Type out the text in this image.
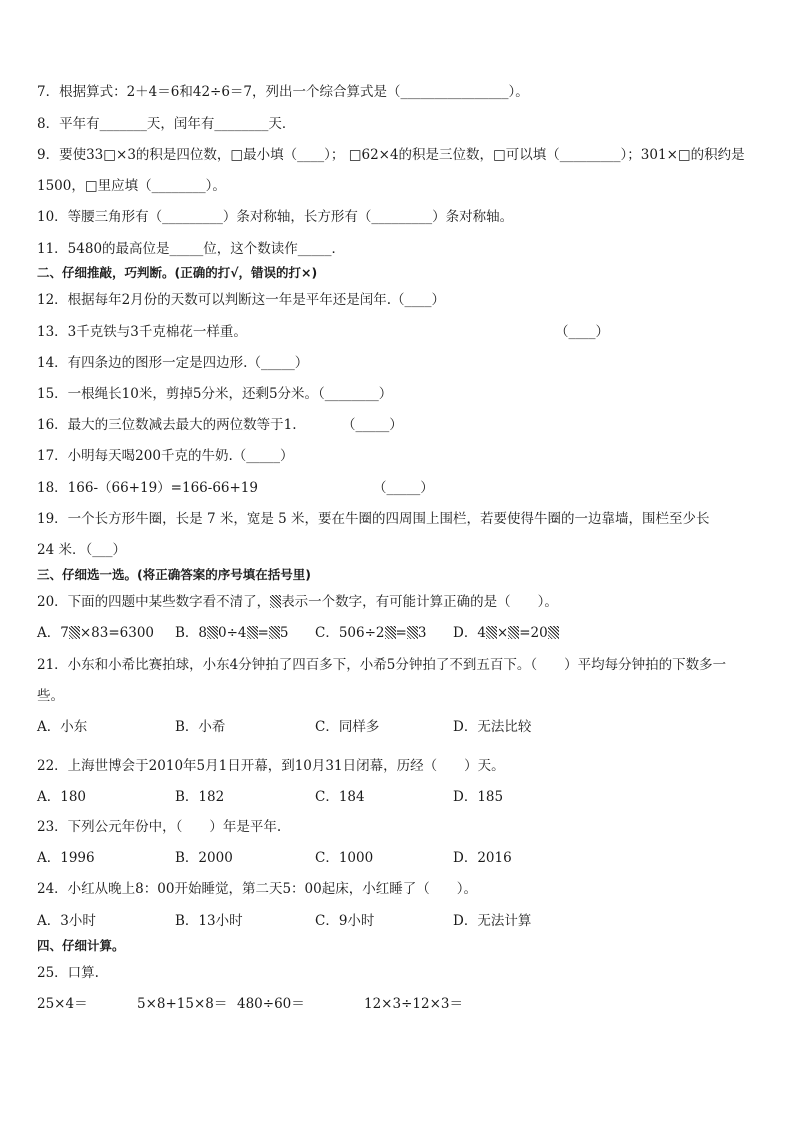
7．根据算式：2＋4＝6和42÷6＝7，列出一个综合算式是（________________）。
8．平年有_______天，闰年有________天．
9．要使33□×3的积是四位数，□最小填（____）； □62×4的积是三位数，□可以填（_________）；301×□的积约是
1500，□里应填（________）。
10．等腰三角形有（_________）条对称轴，长方形有（_________）条对称轴。
11．5480的最高位是_____位，这个数读作_____．
二、仔细推敲，巧判断。(正确的打√，错误的打×)
12．根据每年2月份的天数可以判断这一年是平年还是闰年.（____）
13．3千克铁与3千克棉花一样重。	（____）
14．有四条边的图形一定是四边形.（_____）
15．一根绳长10米，剪掉5分米，还剩5分米。（________）
16．最大的三位数减去最大的两位数等于1.	（_____）
17．小明每天喝200千克的牛奶.（_____）
18．166-（66+19）=166-66+19	（_____）
19．一个长方形牛圈，长是 7 米，宽是 5 米，要在牛圈的四周围上围栏，若要使得牛圈的一边靠墙，围栏至少长
24 米．（___）
三、仔细选一选。(将正确答案的序号填在括号里)
20．下面的四题中某些数字看不清了， 表示一个数字，有可能计算正确的是（　　）。
A．7 ×83=6300 B．8 0÷4 = 5 C．506÷2 = 3 D．4 × =20
21．小东和小希比赛拍球，小东4分钟拍了四百多下，小希5分钟拍了不到五百下。（　　）平均每分钟拍的下数多一
些。
A．小东	B．小希	C．同样多	D．无法比较
22．上海世博会于2010年5月1日开幕，到10月31日闭幕，历经（　　）天。
A．180	B．182	C．184	D．185
23．下列公元年份中，（　　）年是平年.
A．1996	B．2000	C．1000	D．2016
24．小红从晚上8：00开始睡觉，第二天5：00起床，小红睡了（　　）。
A．3小时	B．13小时	C．9小时	D．无法计算
四、仔细计算。
25．口算.
25×4＝	5×8+15×8＝ 480÷60＝	12×3÷12×3＝
